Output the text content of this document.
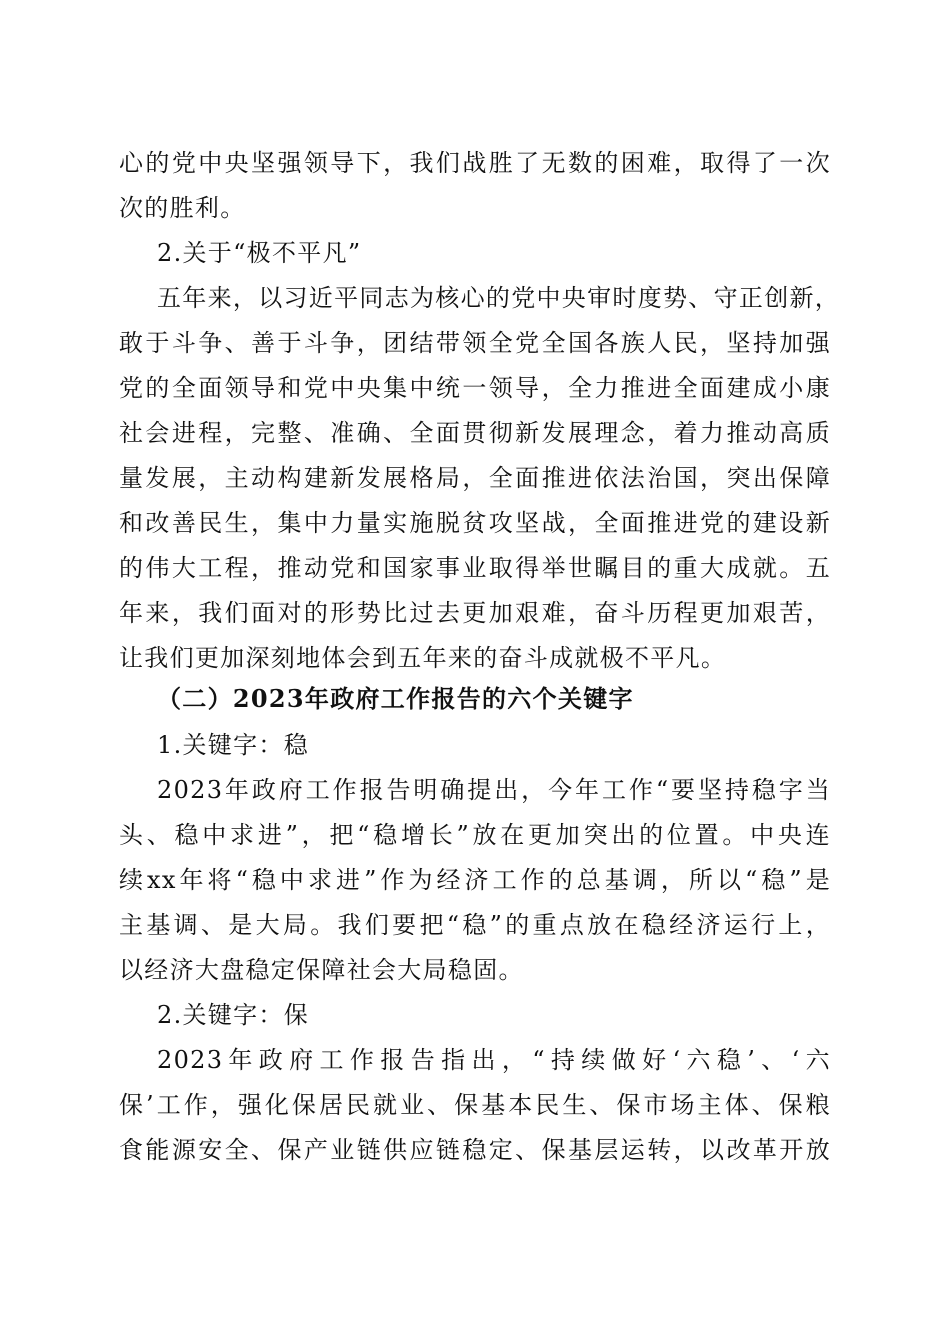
心的党中央坚强领导下，我们战胜了无数的困难，取得了一次
次的胜利。
2.关于“极不平凡”
五年来，以习近平同志为核心的党中央审时度势、守正创新，
敢于斗争、善于斗争，团结带领全党全国各族人民，坚持加强
党的全面领导和党中央集中统一领导，全力推进全面建成小康
社会进程，完整、准确、全面贯彻新发展理念，着力推动高质
量发展，主动构建新发展格局，全面推进依法治国，突出保障
和改善民生，集中力量实施脱贫攻坚战，全面推进党的建设新
的伟大工程，推动党和国家事业取得举世瞩目的重大成就。五
年来，我们面对的形势比过去更加艰难，奋斗历程更加艰苦，
让我们更加深刻地体会到五年来的奋斗成就极不平凡。
（二）2023年政府工作报告的六个关键字
1.关键字：稳
2023年政府工作报告明确提出，今年工作“要坚持稳字当
头、稳中求进”，把“稳增长”放在更加突出的位置。中央连
续xx年将“稳中求进”作为经济工作的总基调，所以“稳”是
主基调、是大局。我们要把“稳”的重点放在稳经济运行上，
以经济大盘稳定保障社会大局稳固。
2.关键字：保
2023年政府工作报告指出，“持续做好‘六稳’、‘六
保’工作，强化保居民就业、保基本民生、保市场主体、保粮
食能源安全、保产业链供应链稳定、保基层运转，以改革开放
